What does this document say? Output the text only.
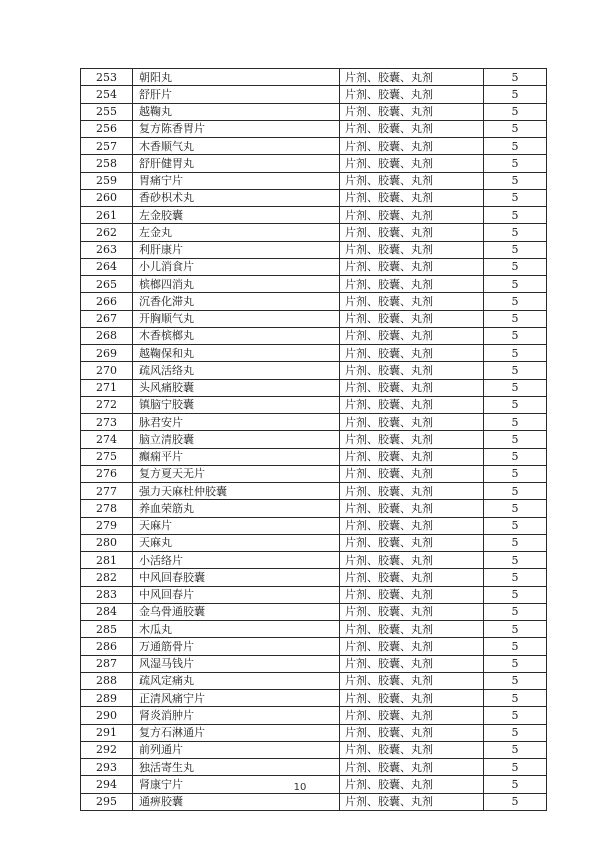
253	朝阳丸	片剂、胶囊、丸剂	5
254	舒肝片	片剂、胶囊、丸剂	5
255	越鞠丸	片剂、胶囊、丸剂	5
256	复方陈香胃片	片剂、胶囊、丸剂	5
257	木香顺气丸	片剂、胶囊、丸剂	5
258	舒肝健胃丸	片剂、胶囊、丸剂	5
259	胃痛宁片	片剂、胶囊、丸剂	5
260	香砂枳术丸	片剂、胶囊、丸剂	5
261	左金胶囊	片剂、胶囊、丸剂	5
262	左金丸	片剂、胶囊、丸剂	5
263	利肝康片	片剂、胶囊、丸剂	5
264	小儿消食片	片剂、胶囊、丸剂	5
265	槟榔四消丸	片剂、胶囊、丸剂	5
266	沉香化滞丸	片剂、胶囊、丸剂	5
267	开胸顺气丸	片剂、胶囊、丸剂	5
268	木香槟榔丸	片剂、胶囊、丸剂	5
269	越鞠保和丸	片剂、胶囊、丸剂	5
270	疏风活络丸	片剂、胶囊、丸剂	5
271	头风痛胶囊	片剂、胶囊、丸剂	5
272	镇脑宁胶囊	片剂、胶囊、丸剂	5
273	脉君安片	片剂、胶囊、丸剂	5
274	脑立清胶囊	片剂、胶囊、丸剂	5
275	癫痫平片	片剂、胶囊、丸剂	5
276	复方夏天无片	片剂、胶囊、丸剂	5
277	强力天麻杜仲胶囊	片剂、胶囊、丸剂	5
278	养血荣筋丸	片剂、胶囊、丸剂	5
279	天麻片	片剂、胶囊、丸剂	5
280	天麻丸	片剂、胶囊、丸剂	5
281	小活络片	片剂、胶囊、丸剂	5
282	中风回春胶囊	片剂、胶囊、丸剂	5
283	中风回春片	片剂、胶囊、丸剂	5
284	金乌骨通胶囊	片剂、胶囊、丸剂	5
285	木瓜丸	片剂、胶囊、丸剂	5
286	万通筋骨片	片剂、胶囊、丸剂	5
287	风湿马钱片	片剂、胶囊、丸剂	5
288	疏风定痛丸	片剂、胶囊、丸剂	5
289	正清风痛宁片	片剂、胶囊、丸剂	5
290	肾炎消肿片	片剂、胶囊、丸剂	5
291	复方石淋通片	片剂、胶囊、丸剂	5
292	前列通片	片剂、胶囊、丸剂	5
293	独活寄生丸	片剂、胶囊、丸剂	5
294	肾康宁片	片剂、胶囊、丸剂	5
295	通痹胶囊	片剂、胶囊、丸剂	5
10
